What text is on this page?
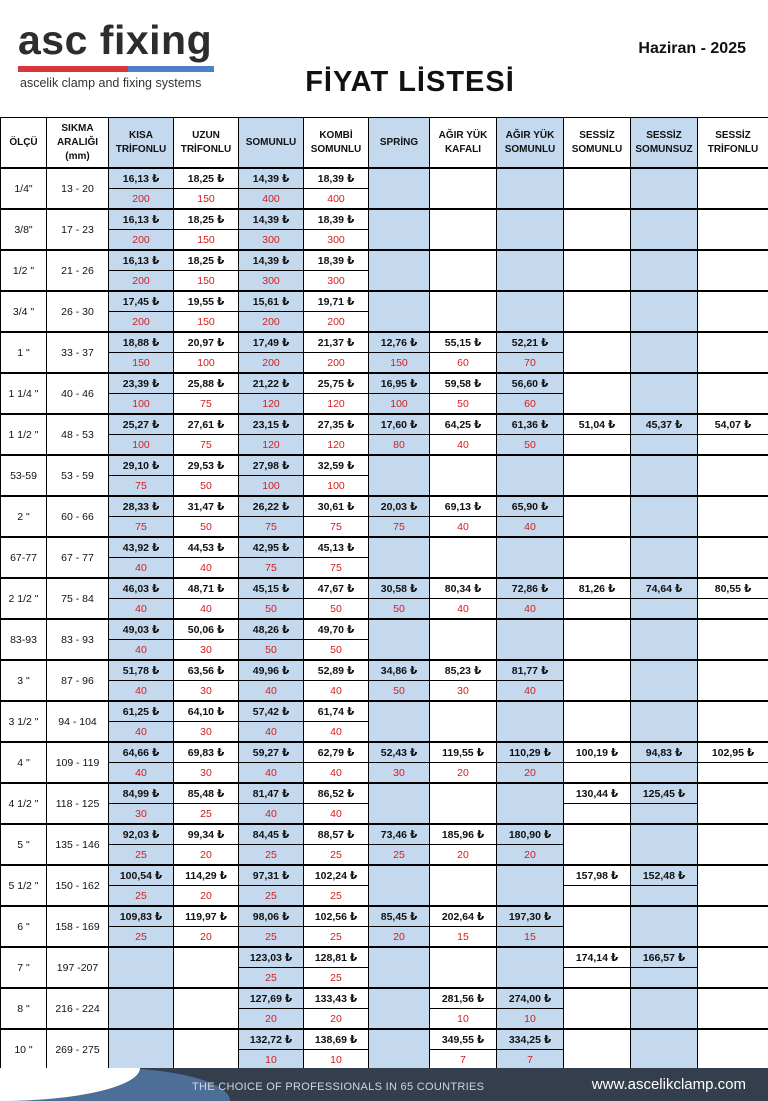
asc fixing
ascelik clamp and fixing systems
Haziran - 2025
FİYAT LİSTESİ
ÖLÇÜ	SIKMA ARALIĞI (mm)	KISA TRİFONLU	UZUN TRİFONLU	SOMUNLU	KOMBİ SOMUNLU	SPRİNG	AĞIR YÜK KAFALI	AĞIR YÜK SOMUNLU	SESSİZ SOMUNLU	SESSİZ SOMUNSUZ	SESSİZ TRİFONLU
1/4"	13 - 20	16,13 ₺	18,25 ₺	14,39 ₺	18,39 ₺						
		200	150	400	400						
3/8"	17 - 23	16,13 ₺	18,25 ₺	14,39 ₺	18,39 ₺						
		200	150	300	300						
1/2 "	21 - 26	16,13 ₺	18,25 ₺	14,39 ₺	18,39 ₺						
		200	150	300	300						
3/4 "	26 - 30	17,45 ₺	19,55 ₺	15,61 ₺	19,71 ₺						
		200	150	200	200						
1 "	33 - 37	18,88 ₺	20,97 ₺	17,49 ₺	21,37 ₺	12,76 ₺	55,15 ₺	52,21 ₺			
		150	100	200	200	150	60	70			
1 1/4 "	40 - 46	23,39 ₺	25,88 ₺	21,22 ₺	25,75 ₺	16,95 ₺	59,58 ₺	56,60 ₺			
		100	75	120	120	100	50	60			
1 1/2 "	48 - 53	25,27 ₺	27,61 ₺	23,15 ₺	27,35 ₺	17,60 ₺	64,25 ₺	61,36 ₺	51,04 ₺	45,37 ₺	54,07 ₺
		100	75	120	120	80	40	50			
53-59	53 - 59	29,10 ₺	29,53 ₺	27,98 ₺	32,59 ₺						
		75	50	100	100						
2 "	60 - 66	28,33 ₺	31,47 ₺	26,22 ₺	30,61 ₺	20,03 ₺	69,13 ₺	65,90 ₺			
		75	50	75	75	75	40	40			
67-77	67 - 77	43,92 ₺	44,53 ₺	42,95 ₺	45,13 ₺						
		40	40	75	75						
2 1/2 "	75 - 84	46,03 ₺	48,71 ₺	45,15 ₺	47,67 ₺	30,58 ₺	80,34 ₺	72,86 ₺	81,26 ₺	74,64 ₺	80,55 ₺
		40	40	50	50	50	40	40			
83-93	83 - 93	49,03 ₺	50,06 ₺	48,26 ₺	49,70 ₺						
		40	30	50	50						
3 "	87 - 96	51,78 ₺	63,56 ₺	49,96 ₺	52,89 ₺	34,86 ₺	85,23 ₺	81,77 ₺			
		40	30	40	40	50	30	40			
3 1/2 "	94 - 104	61,25 ₺	64,10 ₺	57,42 ₺	61,74 ₺						
		40	30	40	40						
4 "	109 - 119	64,66 ₺	69,83 ₺	59,27 ₺	62,79 ₺	52,43 ₺	119,55 ₺	110,29 ₺	100,19 ₺	94,83 ₺	102,95 ₺
		40	30	40	40	30	20	20			
4 1/2 "	118 - 125	84,99 ₺	85,48 ₺	81,47 ₺	86,52 ₺				130,44 ₺	125,45 ₺	
		30	25	40	40						
5 "	135 - 146	92,03 ₺	99,34 ₺	84,45 ₺	88,57 ₺	73,46 ₺	185,96 ₺	180,90 ₺			
		25	20	25	25	25	20	20			
5 1/2 "	150 - 162	100,54 ₺	114,29 ₺	97,31 ₺	102,24 ₺				157,98 ₺	152,48 ₺	
		25	20	25	25						
6 "	158 - 169	109,83 ₺	119,97 ₺	98,06 ₺	102,56 ₺	85,45 ₺	202,64 ₺	197,30 ₺			
		25	20	25	25	20	15	15			
7 "	197 -207			123,03 ₺	128,81 ₺				174,14 ₺	166,57 ₺	
				25	25						
8 "	216 - 224			127,69 ₺	133,43 ₺		281,56 ₺	274,00 ₺			
				20	20		10	10			
10 "	269 - 275			132,72 ₺	138,69 ₺		349,55 ₺	334,25 ₺			
				10	10		7	7			
THE CHOICE OF PROFESSIONALS IN 65 COUNTRIES	www.ascelikclamp.com
